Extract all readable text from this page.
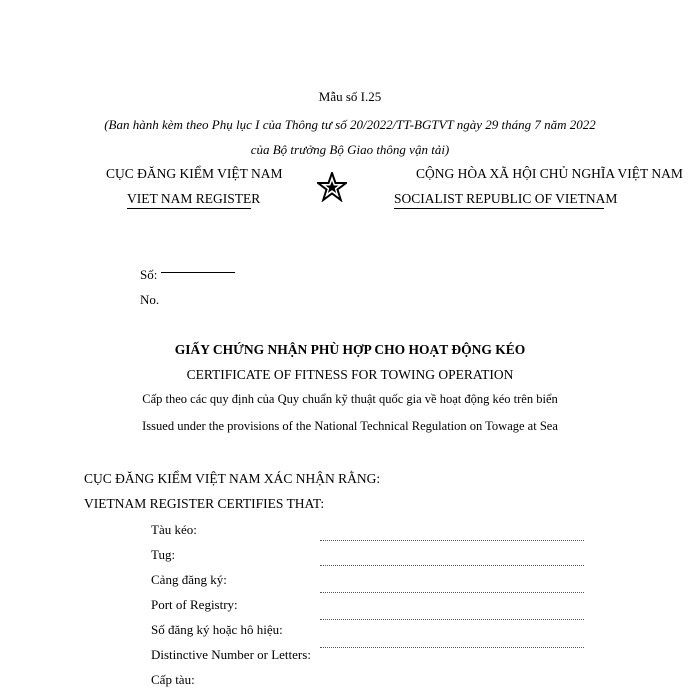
Mẫu số I.25
(Ban hành kèm theo Phụ lục I của Thông tư số 20/2022/TT-BGTVT ngày 29 tháng 7 năm 2022
của Bộ trưởng Bộ Giao thông vận tải)
CỤC ĐĂNG KIỂM VIỆT NAM
VIET NAM REGISTER
CỘNG HÒA XÃ HỘI CHỦ NGHĨA VIỆT NAM
SOCIALIST REPUBLIC OF VIETNAM
Số:
No.
GIẤY CHỨNG NHẬN PHÙ HỢP CHO HOẠT ĐỘNG KÉO
CERTIFICATE OF FITNESS FOR TOWING OPERATION
Cấp theo các quy định của Quy chuẩn kỹ thuật quốc gia về hoạt động kéo trên biển
Issued under the provisions of the National Technical Regulation on Towage at Sea
CỤC ĐĂNG KIỂM VIỆT NAM XÁC NHẬN RẰNG:
VIETNAM REGISTER CERTIFIES THAT:
Tàu kéo:
Tug:
Cảng đăng ký:
Port of Registry:
Số đăng ký hoặc hô hiệu:
Distinctive Number or Letters:
Cấp tàu:
